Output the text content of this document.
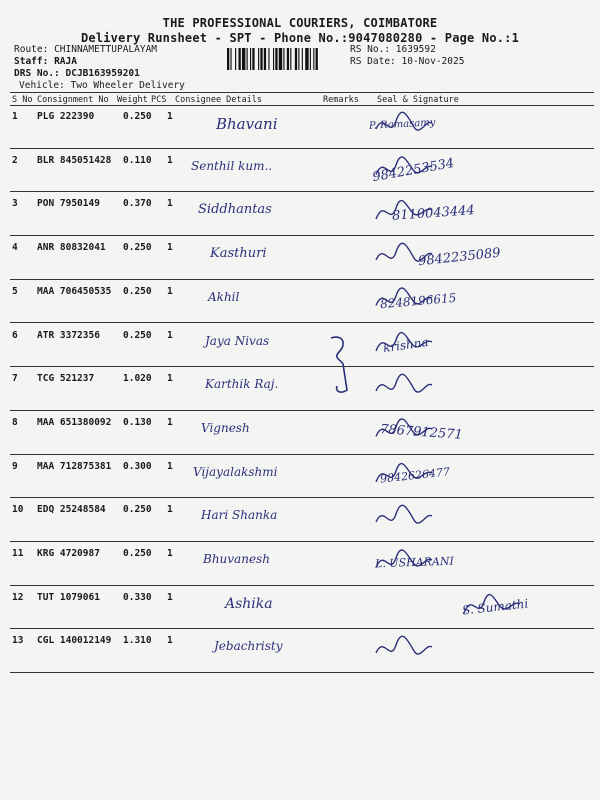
THE PROFESSIONAL COURIERS, COIMBATORE
Delivery Runsheet - SPT - Phone No.:9047080280 - Page No.:1
Route: CHINNAMETTUPALAYAM
Staff: RAJA
DRS No.: DCJB163959201
Vehicle: Two Wheeler Delivery
RS No.: 1639592
RS Date: 10-Nov-2025
S No Consignment No Weight PCS Consignee Details	Remarks Seal & Signature
1 PLG 222390	0.250 1	Bhavani	P. Ramasamy
2 BLR 845051428 0.110 1 Senthil kum..	9842253534
3 PON 7950149 0.370 1 Siddhantas	8110043444
4 ANR 80832041 0.250 1	Kasthuri	9842235089
5 MAA 706450535 0.250 1	Akhil	8248196615
6 ATR 3372356 0.250 1	Jaya Nivas	krishna
7 TCG 521237	1.020 1	Karthik Raj.
8 MAA 651380092 0.130 1 Vignesh	7867912571
9 MAA 712875381 0.300 1 Vijayalakshmi	9842626477
10 EDQ 25248584 0.250 1 Hari Shanka
11 KRG 4720987 0.250 1	Bhuvanesh	L. USHARANI
12 TUT 1079061 0.330 1	Ashika	S. Sumathi
13 CGL 140012149 1.310 1	Jebachristy
